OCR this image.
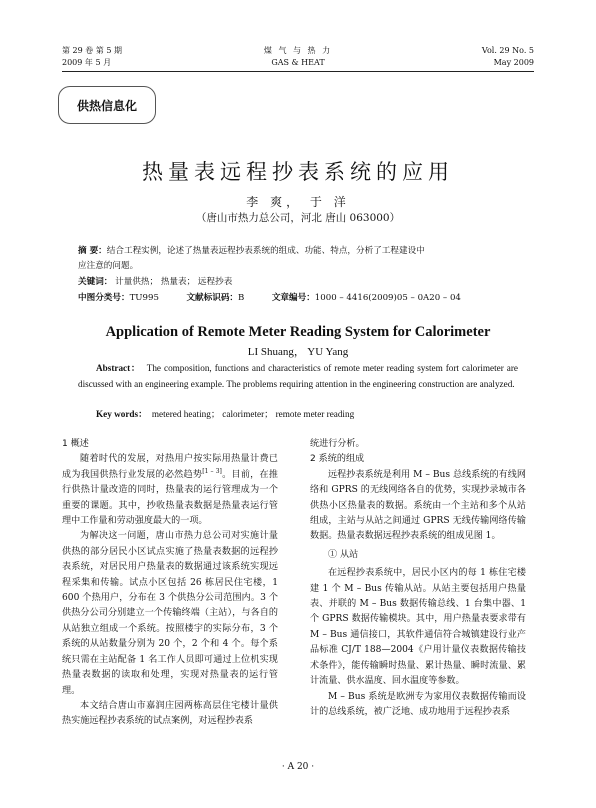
第 29 卷 第 5 期
2009 年 5 月
煤 气 与 热 力
GAS & HEAT
Vol. 29 No. 5
May 2009
供热信息化
热量表远程抄表系统的应用
李 爽， 于 洋
（唐山市热力总公司，河北 唐山 063000）
摘 要：结合工程实例，论述了热量表远程抄表系统的组成、功能、特点，分析了工程建设中
应注意的问题。
关键词： 计量供热； 热量表； 远程抄表
中图分类号：TU995	文献标识码：B	文章编号：1000 – 4416(2009)05 – 0A20 – 04
Application of Remote Meter Reading System for Calorimeter
LI Shuang， YU Yang
Abstract： The composition, functions and characteristics of remote meter reading system fort calorimeter are discussed with an engineering example. The problems requiring attention in the engineering construction are analyzed.
Key words： metered heating； calorimeter； remote meter reading

1 概述

随着时代的发展，对热用户按实际用热量计费已成为我国供热行业发展的必然趋势[1 – 3]。目前，在推行供热计量改造的同时，热量表的运行管理成为一个重要的课题。其中，抄收热量表数据是热量表运行管理中工作量和劳动强度最大的一项。

为解决这一问题，唐山市热力总公司对实施计量供热的部分居民小区试点实施了热量表数据的远程抄表系统，对居民用户热量表的数据通过该系统实现远程采集和传输。试点小区包括 26 栋居民住宅楼，1 600 个热用户，分布在 3 个供热分公司范围内。3 个供热分公司分别建立一个传输终端（主站），与各自的从站独立组成一个系统。按照楼宇的实际分布，3 个系统的从站数量分别为 20 个，2 个和 4 个。每个系统只需在主站配备 1 名工作人员即可通过上位机实现热量表数据的读取和处理，实现对热量表的运行管理。

本文结合唐山市嘉润庄园两栋高层住宅楼计量供热实施远程抄表系统的试点案例，对远程抄表系

统进行分析。

2 系统的组成

远程抄表系统是利用 M – Bus 总线系统的有线网络和 GPRS 的无线网络各自的优势，实现抄录城市各供热小区热量表的数据。系统由一个主站和多个从站组成，主站与从站之间通过 GPRS 无线传输网络传输数据。热量表数据远程抄表系统的组成见图 1。

① 从站

在远程抄表系统中，居民小区内的每 1 栋住宅楼建 1 个 M – Bus 传输从站。从站主要包括用户热量表、并联的 M – Bus 数据传输总线、1 台集中器、1 个 GPRS 数据传输模块。其中，用户热量表要求带有 M – Bus 通信接口，其软件通信符合城镇建设行业产品标准 CJ/T 188—2004《户用计量仪表数据传输技术条件》，能传输瞬时热量、累计热量、瞬时流量、累计流量、供水温度、回水温度等参数。

M – Bus 系统是欧洲专为家用仪表数据传输而设计的总线系统，被广泛地、成功地用于远程抄表系

· A 20 ·
